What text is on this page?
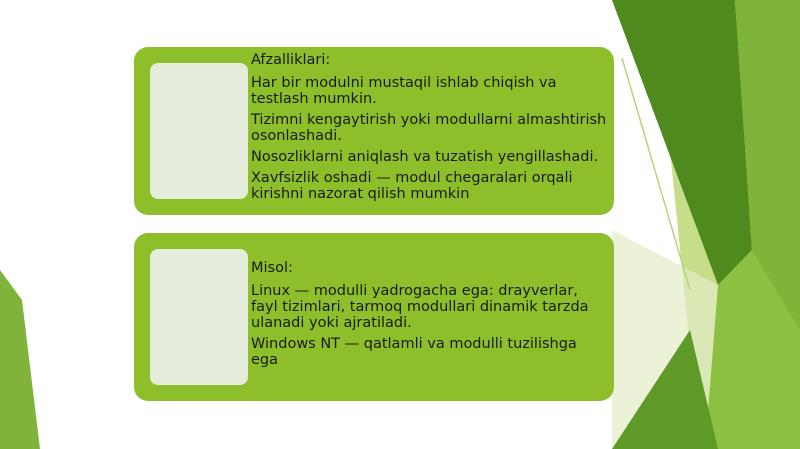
Afzalliklari:

Har bir modulni mustaqil ishlab chiqish va testlash mumkin.

Tizimni kengaytirish yoki modullarni almashtirish osonlashadi.

Nosozliklarni aniqlash va tuzatish yengillashadi.

Xavfsizlik oshadi — modul chegaralari orqali kirishni nazorat qilish mumkin

Misol:

Linux — modulli yadrogacha ega: drayverlar, fayl tizimlari, tarmoq modullari dinamik tarzda ulanadi yoki ajratiladi.

Windows NT — qatlamli va modulli tuzilishga ega
